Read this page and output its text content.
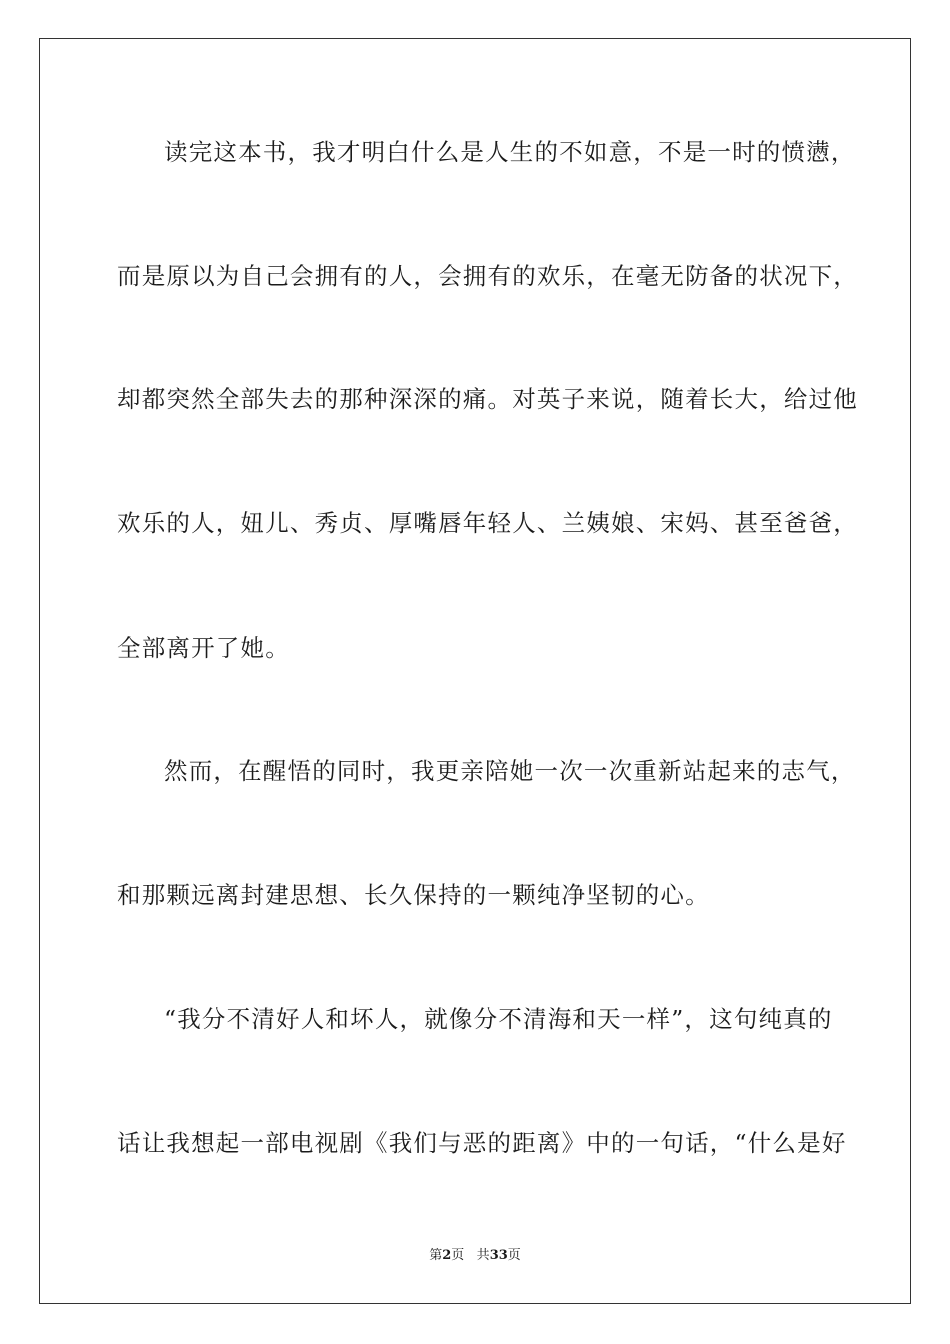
读完这本书，我才明白什么是人生的不如意，不是一时的愤懑，
而是原以为自己会拥有的人，会拥有的欢乐，在毫无防备的状况下，
却都突然全部失去的那种深深的痛。对英子来说，随着长大，给过他
欢乐的人，妞儿、秀贞、厚嘴唇年轻人、兰姨娘、宋妈、甚至爸爸，
全部离开了她。
然而，在醒悟的同时，我更亲陪她一次一次重新站起来的志气，
和那颗远离封建思想、长久保持的一颗纯净坚韧的心。
“我分不清好人和坏人，就像分不清海和天一样”，这句纯真的
话让我想起一部电视剧《我们与恶的距离》中的一句话，“什么是好
第2页 共33页
